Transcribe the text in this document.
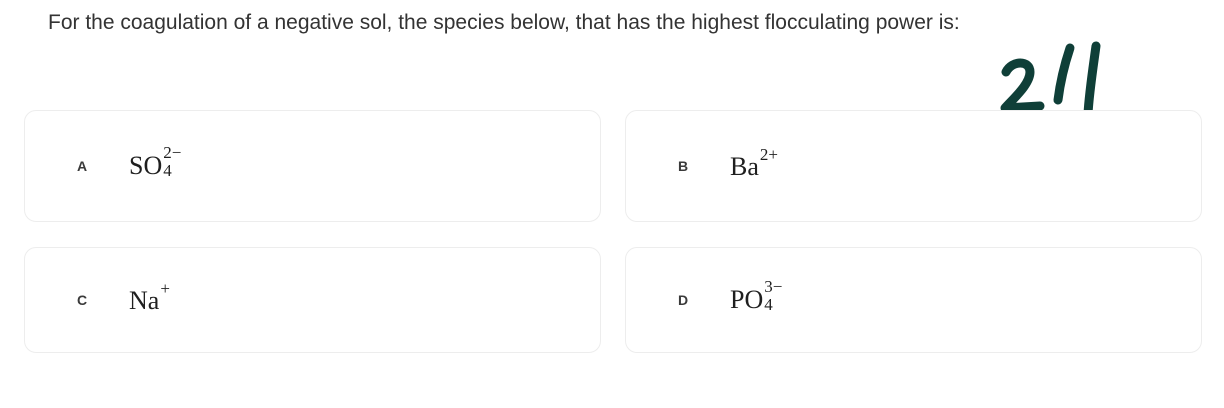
For the coagulation of a negative sol, the species below, that has the highest flocculating power is:
A SO 2−
4	B Ba2+
C Na+
D PO 3−
4
